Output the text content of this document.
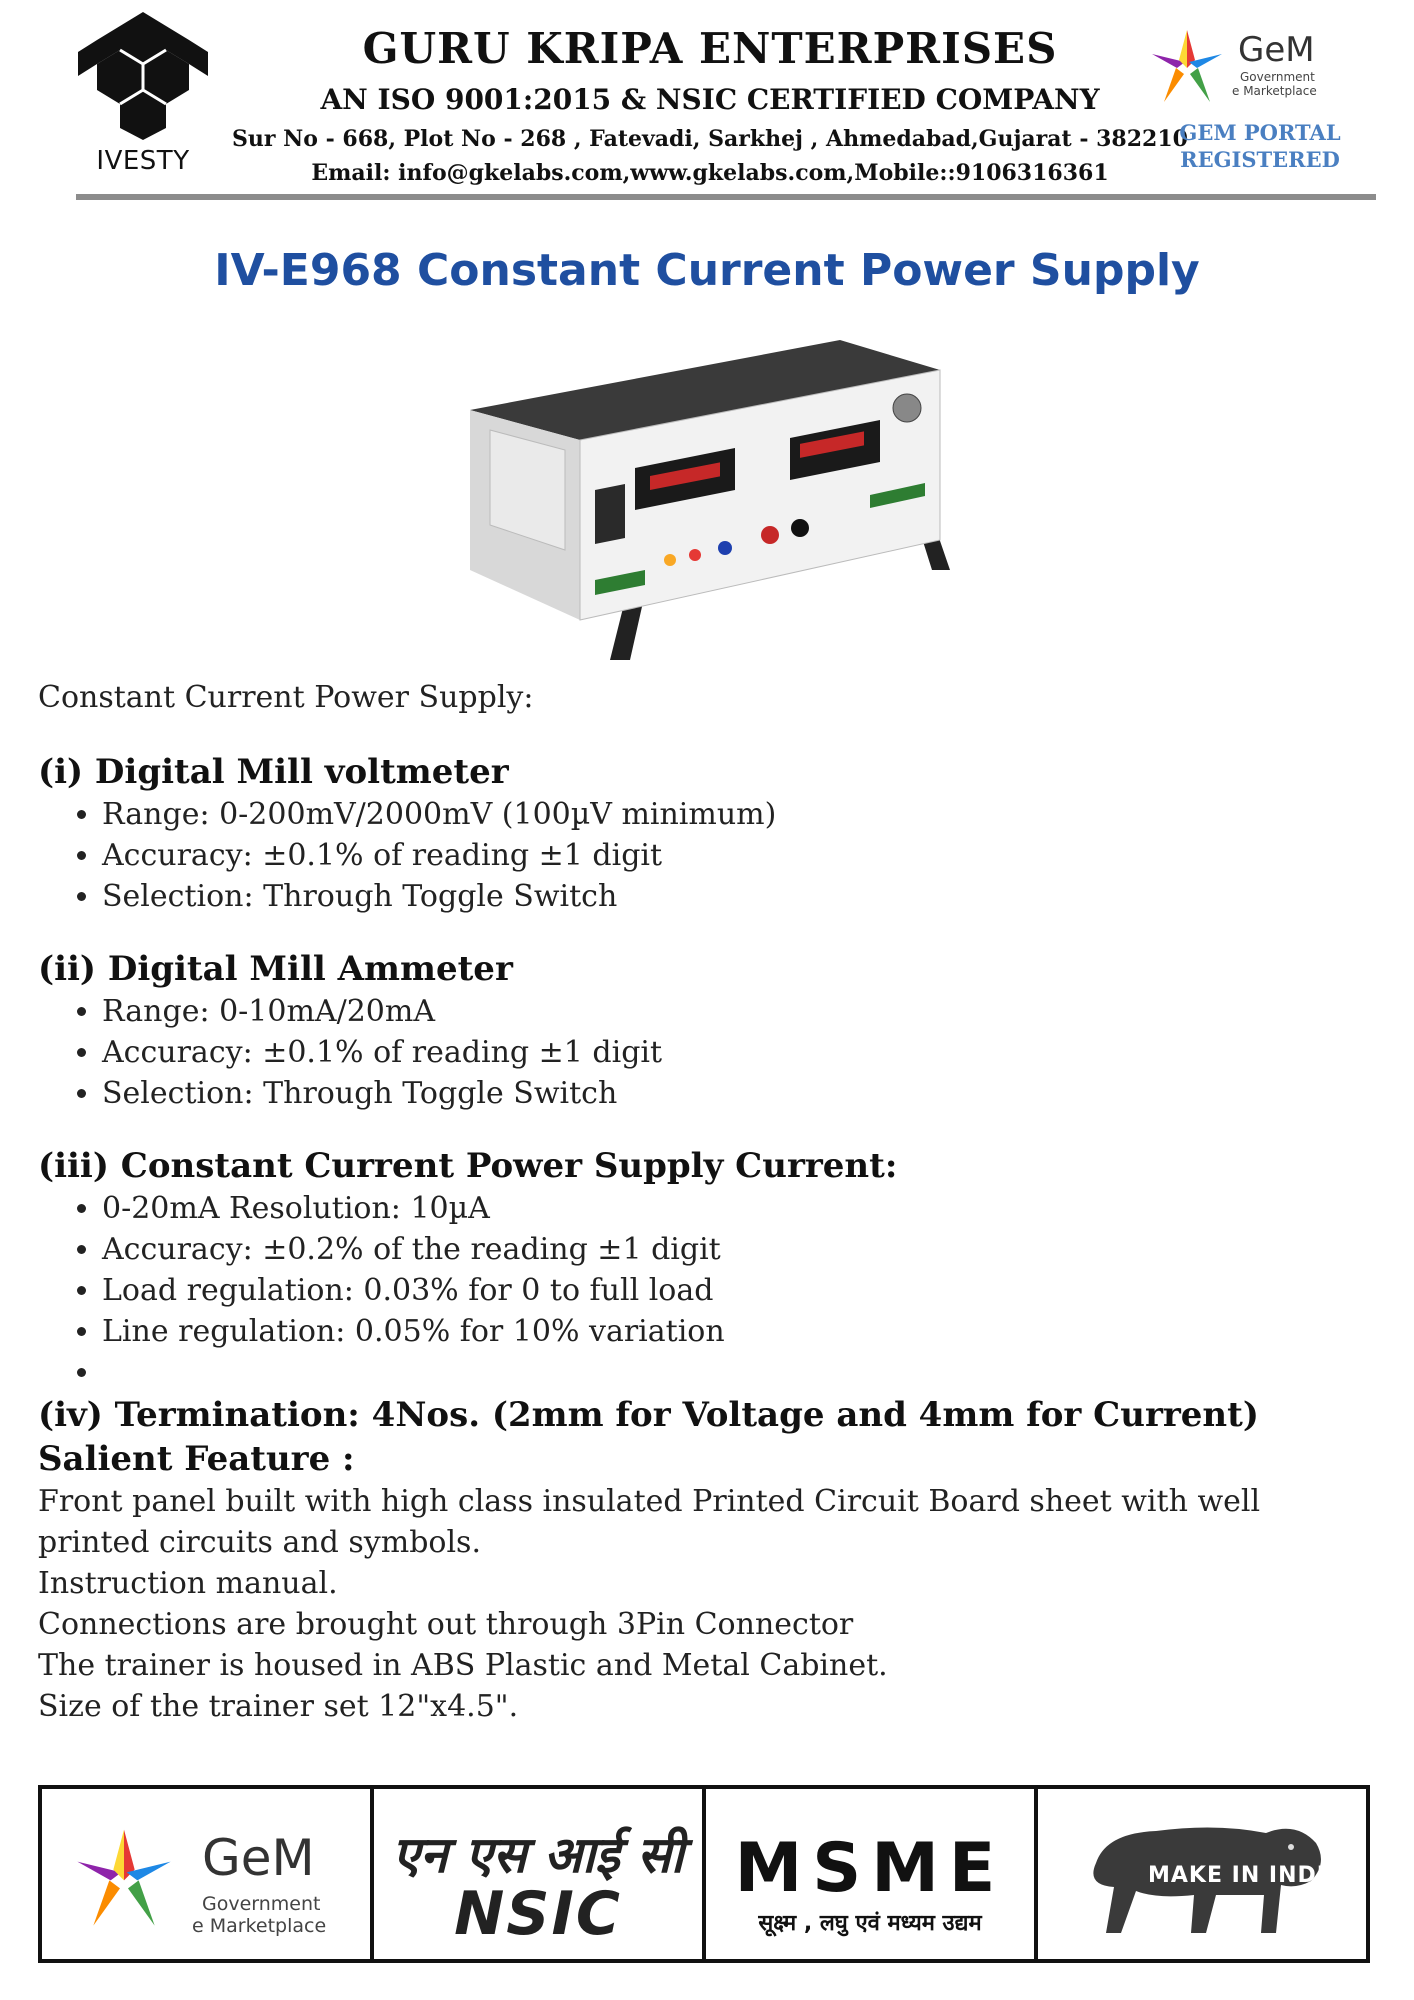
IVESTY
GURU KRIPA ENTERPRISES
AN ISO 9001:2015 & NSIC CERTIFIED COMPANY
Sur No - 668, Plot No - 268 , Fatevadi, Sarkhej , Ahmedabad,Gujarat - 382210
Email: info@gkelabs.com,www.gkelabs.com,Mobile::9106316361
GeM
Government
e Marketplace
GEM PORTAL
REGISTERED
IV-E968 Constant Current Power Supply

Constant Current Power Supply:

(i) Digital Mill voltmeter
• Range: 0-200mV/2000mV (100µV minimum)
• Accuracy: ±0.1% of reading ±1 digit
• Selection: Through Toggle Switch
(ii) Digital Mill Ammeter
• Range: 0-10mA/20mA
• Accuracy: ±0.1% of reading ±1 digit
• Selection: Through Toggle Switch
(iii) Constant Current Power Supply Current:
• 0-20mA Resolution: 10µA
• Accuracy: ±0.2% of the reading ±1 digit
• Load regulation: 0.03% for 0 to full load
• Line regulation: 0.05% for 10% variation
•
(iv) Termination: 4Nos. (2mm for Voltage and 4mm for Current)
Salient Feature :

Front panel built with high class insulated Printed Circuit Board sheet with well printed circuits and symbols.

Instruction manual.

Connections are brought out through 3Pin Connector

The trainer is housed in ABS Plastic and Metal Cabinet.

Size of the trainer set 12"x4.5".

GeM
Government
e Marketplace
एन एस आई सी
NSIC
MSME
सूक्ष्म , लघु एवं मध्यम उद्यम
MAKE IN INDIA
